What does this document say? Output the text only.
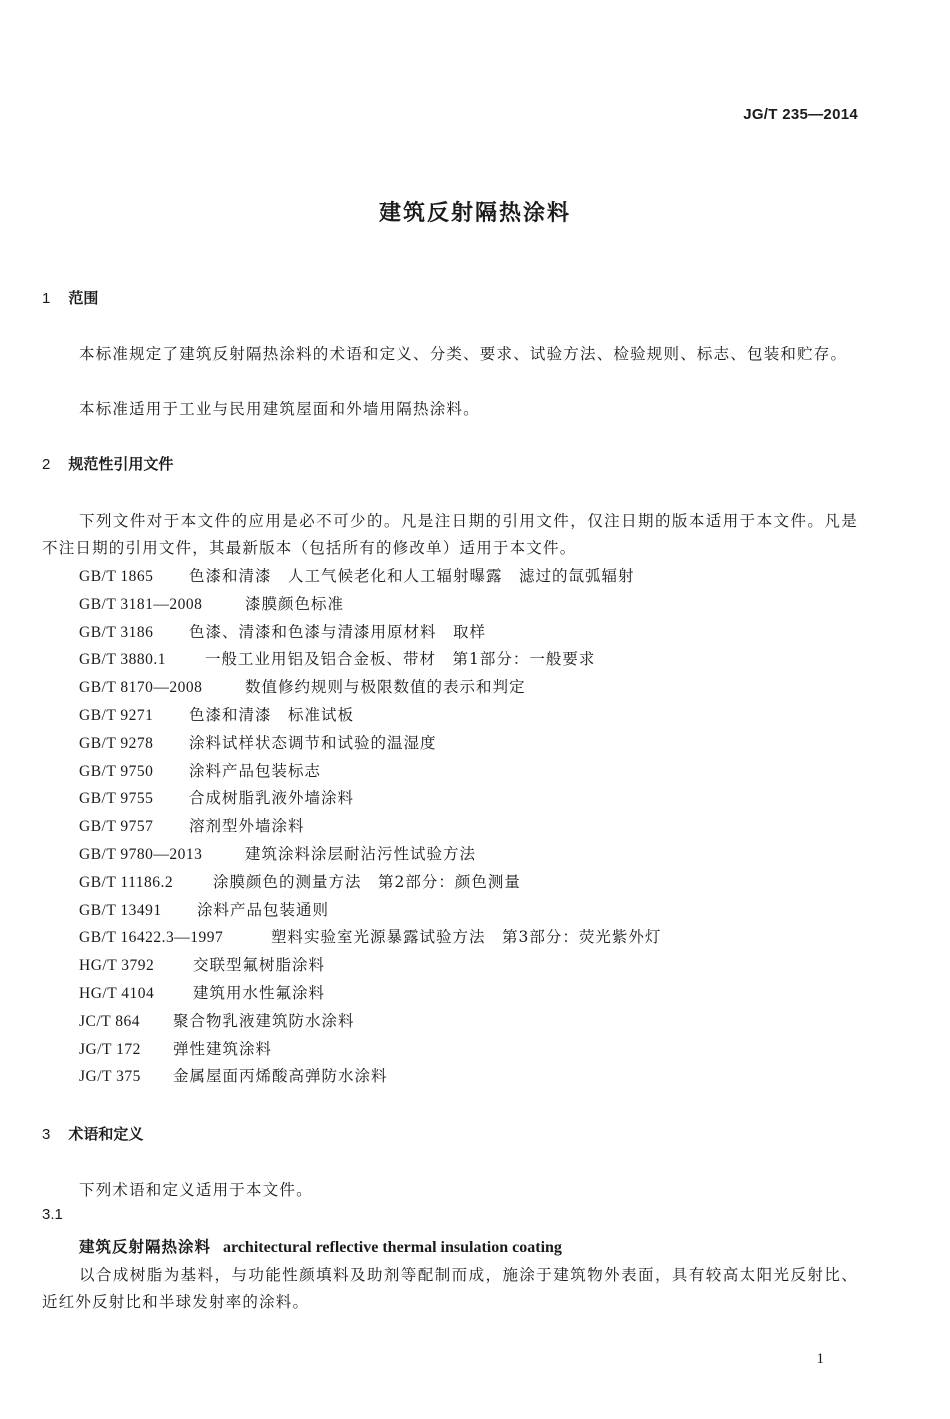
JG/T 235—2014
建筑反射隔热涂料
1 范围
本标准规定了建筑反射隔热涂料的术语和定义、分类、要求、试验方法、检验规则、标志、包装和贮存。
本标准适用于工业与民用建筑屋面和外墙用隔热涂料。
2 规范性引用文件
下列文件对于本文件的应用是必不可少的。凡是注日期的引用文件，仅注日期的版本适用于本文件。凡是不注日期的引用文件，其最新版本（包括所有的修改单）适用于本文件。
GB/T 1865 色漆和清漆　人工气候老化和人工辐射曝露　滤过的氙弧辐射
GB/T 3181—2008	漆膜颜色标准
GB/T 3186 色漆、清漆和色漆与清漆用原材料　取样
GB/T 3880.1	一般工业用铝及铝合金板、带材　第1部分：一般要求
GB/T 8170—2008	数值修约规则与极限数值的表示和判定
GB/T 9271 色漆和清漆　标准试板
GB/T 9278 涂料试样状态调节和试验的温湿度
GB/T 9750 涂料产品包装标志
GB/T 9755 合成树脂乳液外墙涂料
GB/T 9757 溶剂型外墙涂料
GB/T 9780—2013	建筑涂料涂层耐沾污性试验方法
GB/T 11186.2	涂膜颜色的测量方法　第2部分：颜色测量
GB/T 13491 涂料产品包装通则
GB/T 16422.3—1997	塑料实验室光源暴露试验方法　第3部分：荧光紫外灯
HG/T 3792 交联型氟树脂涂料
HG/T 4104 建筑用水性氟涂料
JC/T 864 聚合物乳液建筑防水涂料
JG/T 172 弹性建筑涂料
JG/T 375 金属屋面丙烯酸高弹防水涂料
3 术语和定义
下列术语和定义适用于本文件。
3.1
建筑反射隔热涂料 architectural reflective thermal insulation coating
以合成树脂为基料，与功能性颜填料及助剂等配制而成，施涂于建筑物外表面，具有较高太阳光反射比、近红外反射比和半球发射率的涂料。
1
